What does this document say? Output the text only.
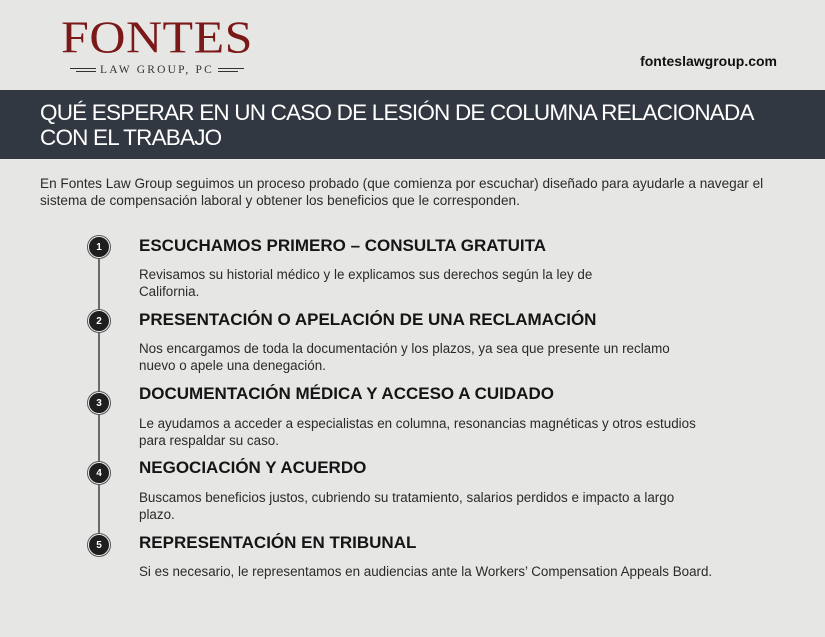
FONTES
LAW GROUP, PC
fonteslawgroup.com
QUÉ ESPERAR EN UN CASO DE LESIÓN DE COLUMNA RELACIONADA CON EL TRABAJO
En Fontes Law Group seguimos un proceso probado (que comienza por escuchar) diseñado para ayudarle a navegar el sistema de compensación laboral y obtener los beneficios que le corresponden.
1	ESCUCHAMOS PRIMERO – CONSULTA GRATUITA
Revisamos su historial médico y le explicamos sus derechos según la ley de California.
2	PRESENTACIÓN O APELACIÓN DE UNA RECLAMACIÓN
Nos encargamos de toda la documentación y los plazos, ya sea que presente un reclamo nuevo o apele una denegación.
3	DOCUMENTACIÓN MÉDICA Y ACCESO A CUIDADO
Le ayudamos a acceder a especialistas en columna, resonancias magnéticas y otros estudios para respaldar su caso.
4	NEGOCIACIÓN Y ACUERDO
Buscamos beneficios justos, cubriendo su tratamiento, salarios perdidos e impacto a largo plazo.
5	REPRESENTACIÓN EN TRIBUNAL
Si es necesario, le representamos en audiencias ante la Workers’ Compensation Appeals Board.
